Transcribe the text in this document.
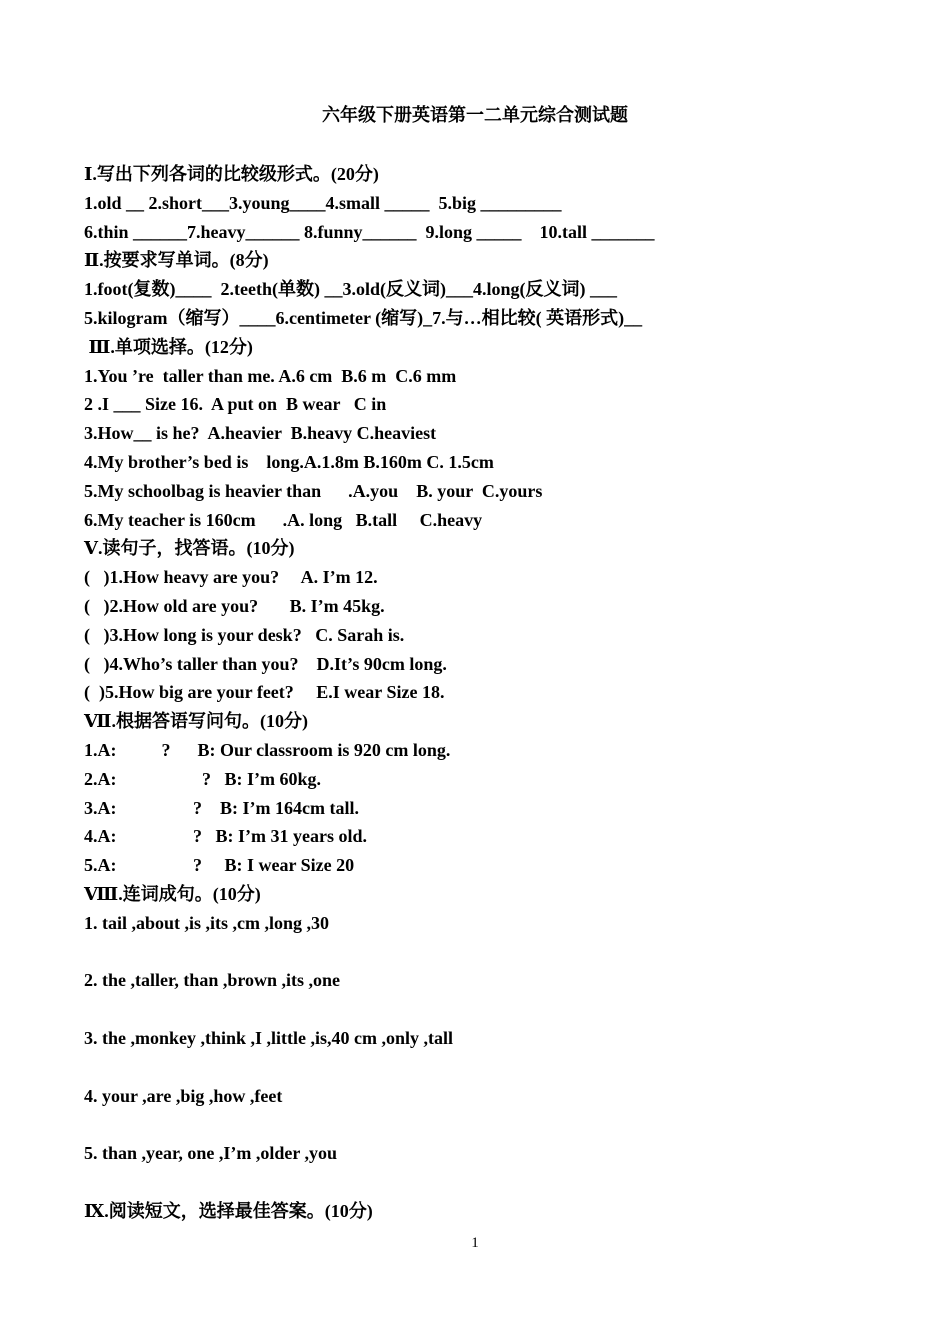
六年级下册英语第一二单元综合测试题
Ⅰ.写出下列各词的比较级形式。(20分)
1.old __ 2.short___3.young____4.small _____  5.big _________
6.thin ______7.heavy______ 8.funny______  9.long _____    10.tall _______
Ⅱ.按要求写单词。(8分)
1.foot(复数)____  2.teeth(单数) __3.old(反义词)___4.long(反义词) ___
5.kilogram（缩写）____6.centimeter (缩写)_7.与…相比较( 英语形式)__
Ⅲ.单项选择。(12分)
1.You ’re  taller than me. A.6 cm  B.6 m  C.6 mm
2 .I ___ Size 16.  A put on  B wear   C in
3.How__ is he?  A.heavier  B.heavy C.heaviest
4.My brother’s bed is    long.A.1.8m B.160m C. 1.5cm
5.My schoolbag is heavier than      .A.you    B. your  C.yours
6.My teacher is 160cm      .A. long   B.tall     C.heavy
Ⅴ.读句子，找答语。(10分)
(   )1.How heavy are you?     A. I’m 12.
(   )2.How old are you?       B. I’m 45kg.
(   )3.How long is your desk?   C. Sarah is.
(   )4.Who’s taller than you?    D.It’s 90cm long.
(  )5.How big are your feet?     E.I wear Size 18.
Ⅶ.根据答语写问句。(10分)
1.A:          ?      B: Our classroom is 920 cm long.
2.A:                   ?   B: I’m 60kg.
3.A:                 ?    B: I’m 164cm tall.
4.A:                 ?   B: I’m 31 years old.
5.A:                 ?     B: I wear Size 20
Ⅷ.连词成句。(10分)
1. tail ,about ,is ,its ,cm ,long ,30
2. the ,taller, than ,brown ,its ,one
3. the ,monkey ,think ,I ,little ,is,40 cm ,only ,tall
4. your ,are ,big ,how ,feet
5. than ,year, one ,I’m ,older ,you
Ⅸ.阅读短文，选择最佳答案。(10分)
1
